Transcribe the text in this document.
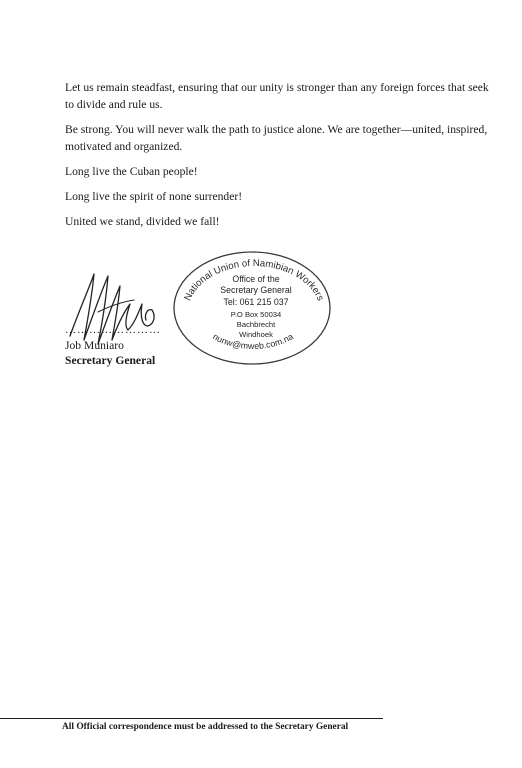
Let us remain steadfast, ensuring that our unity is stronger than any foreign forces that seek to divide and rule us.

Be strong. You will never walk the path to justice alone. We are together—united, inspired, motivated and organized.

Long live the Cuban people!

Long live the spirit of none surrender!

United we stand, divided we fall!

……………………
Job Muniaro
Secretary General
National Union of Namibian Workers
nunw@mweb.com.na
Office of the
Secretary General
Tel: 061 215 037
P.O Box 50034
Bachbrecht
Windhoek
All Official correspondence must be addressed to the Secretary General
